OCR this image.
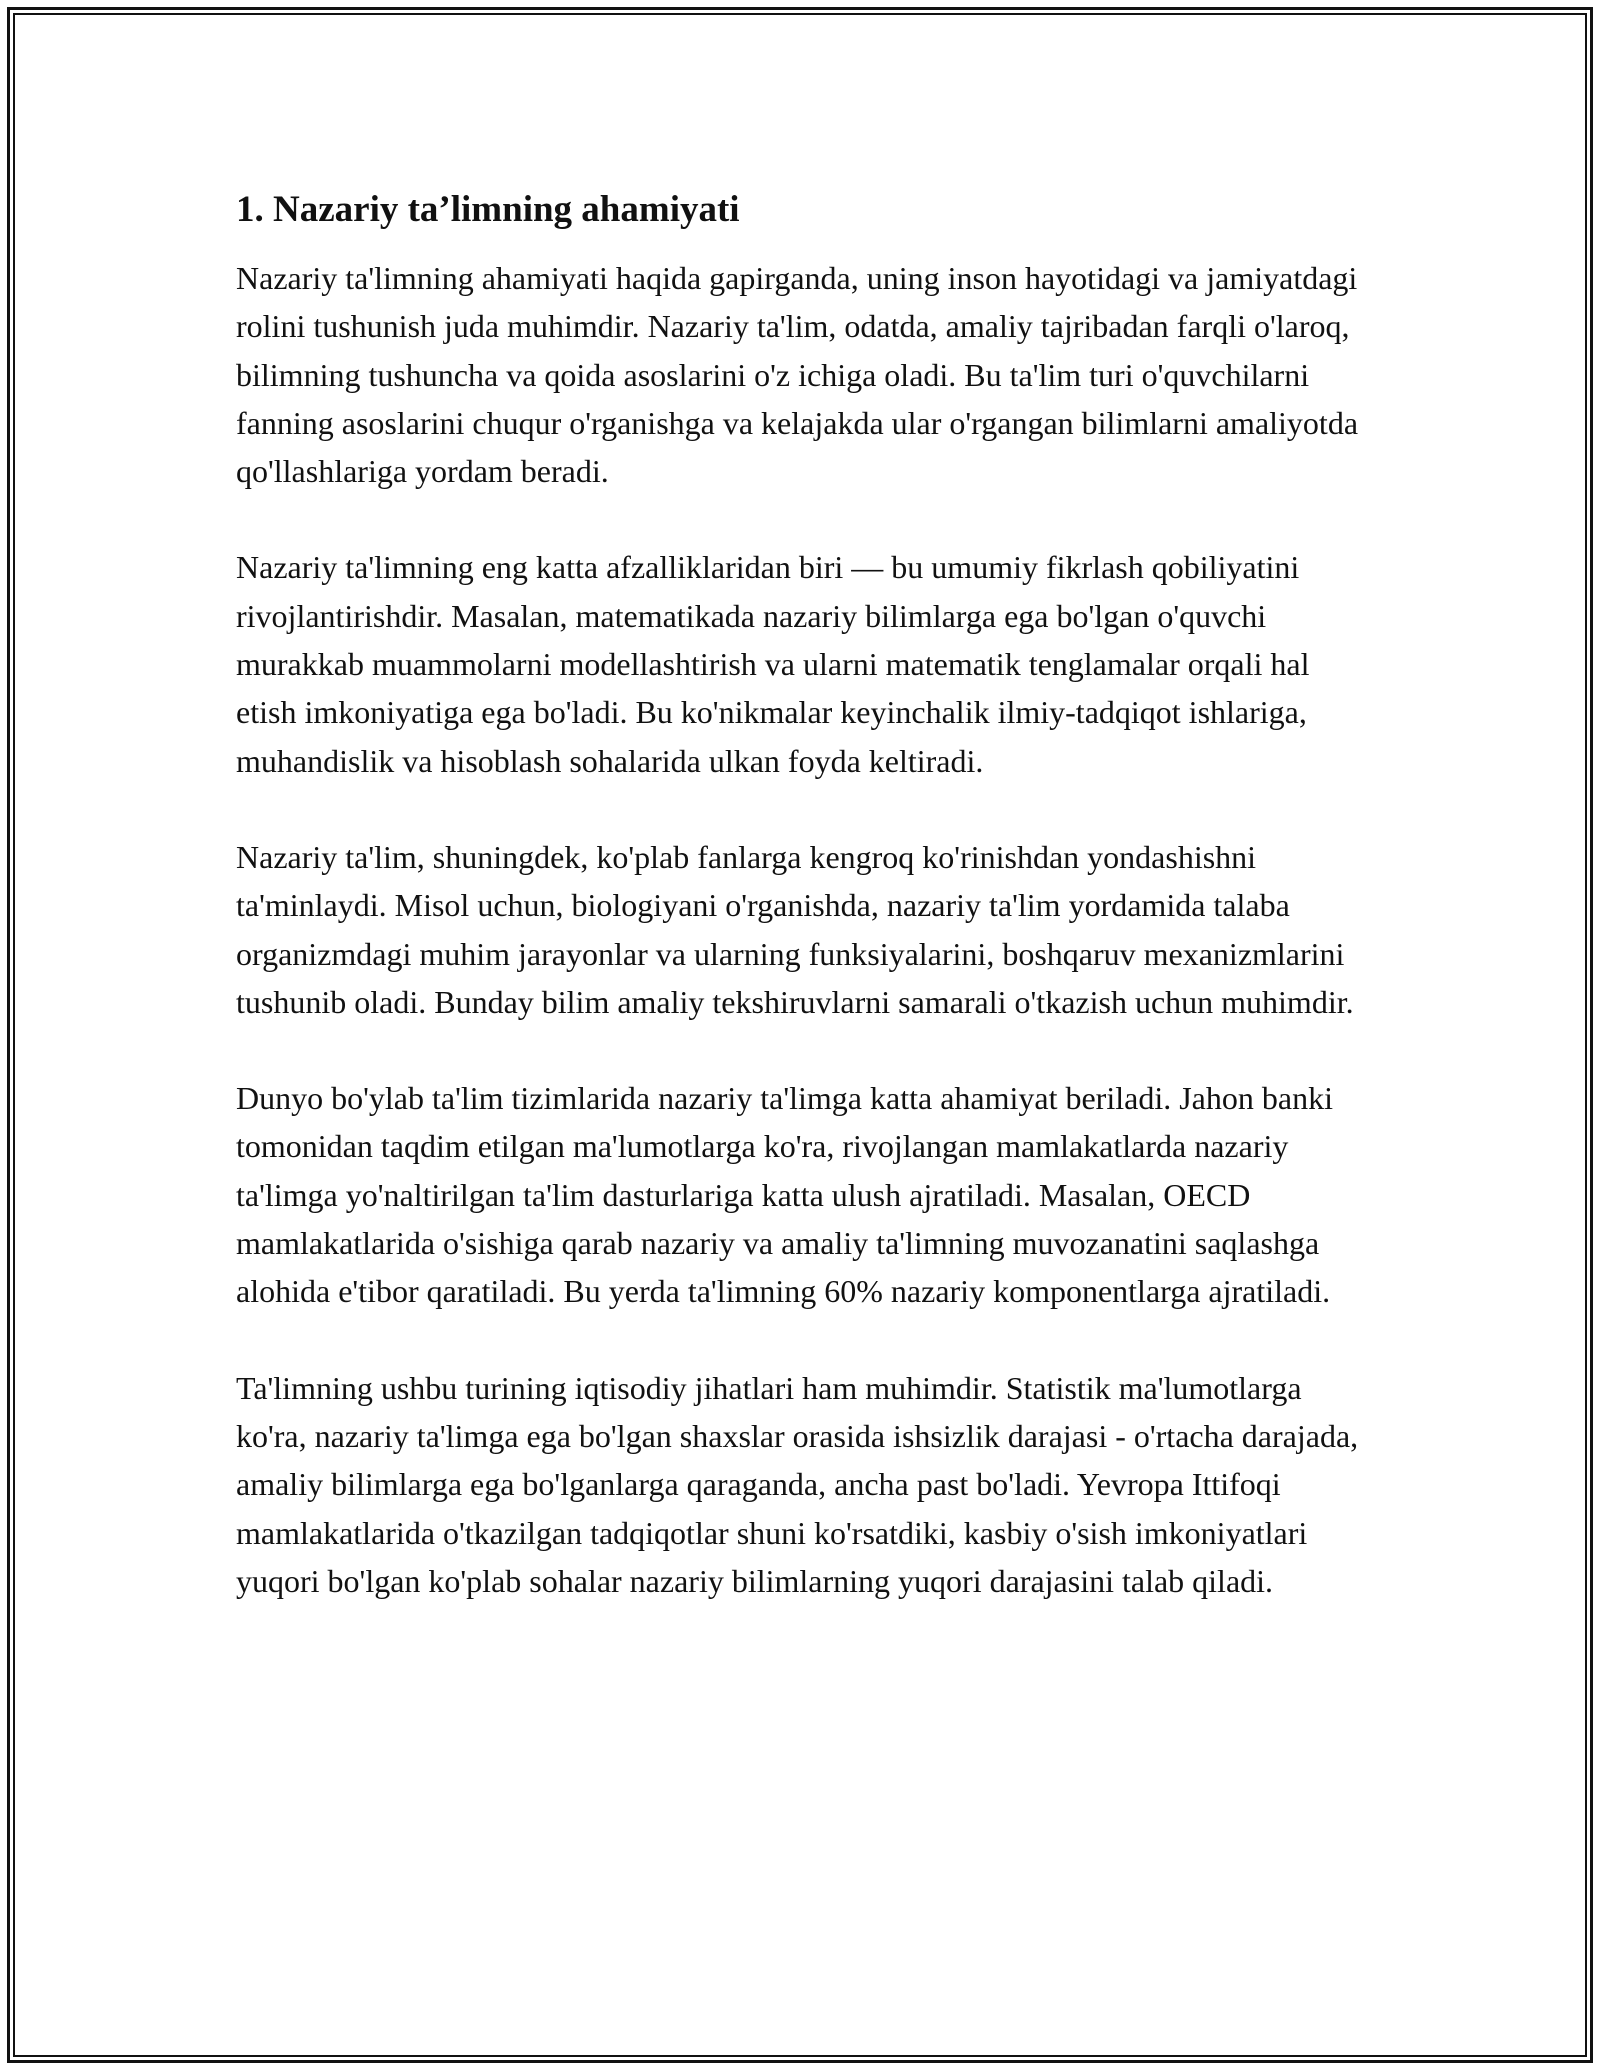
1. Nazariy ta’limning ahamiyati

Nazariy ta'limning ahamiyati haqida gapirganda, uning inson hayotidagi va jamiyatdagi rolini tushunish juda muhimdir. Nazariy ta'lim, odatda, amaliy tajribadan farqli o'laroq, bilimning tushuncha va qoida asoslarini o'z ichiga oladi. Bu ta'lim turi o'quvchilarni fanning asoslarini chuqur o'rganishga va kelajakda ular o'rgangan bilimlarni amaliyotda qo'llashlariga yordam beradi.

Nazariy ta'limning eng katta afzalliklaridan biri — bu umumiy fikrlash qobiliyatini rivojlantirishdir. Masalan, matematikada nazariy bilimlarga ega bo'lgan o'quvchi murakkab muammolarni modellashtirish va ularni matematik tenglamalar orqali hal etish imkoniyatiga ega bo'ladi. Bu ko'nikmalar keyinchalik ilmiy-tadqiqot ishlariga, muhandislik va hisoblash sohalarida ulkan foyda keltiradi.

Nazariy ta'lim, shuningdek, ko'plab fanlarga kengroq ko'rinishdan yondashishni ta'minlaydi. Misol uchun, biologiyani o'rganishda, nazariy ta'lim yordamida talaba organizmdagi muhim jarayonlar va ularning funksiyalarini, boshqaruv mexanizmlarini tushunib oladi. Bunday bilim amaliy tekshiruvlarni samarali o'tkazish uchun muhimdir.

Dunyo bo'ylab ta'lim tizimlarida nazariy ta'limga katta ahamiyat beriladi. Jahon banki tomonidan taqdim etilgan ma'lumotlarga ko'ra, rivojlangan mamlakatlarda nazariy ta'limga yo'naltirilgan ta'lim dasturlariga katta ulush ajratiladi. Masalan, OECD mamlakatlarida o'sishiga qarab nazariy va amaliy ta'limning muvozanatini saqlashga alohida e'tibor qaratiladi. Bu yerda ta'limning 60% nazariy komponentlarga ajratiladi.

Ta'limning ushbu turining iqtisodiy jihatlari ham muhimdir. Statistik ma'lumotlarga ko'ra, nazariy ta'limga ega bo'lgan shaxslar orasida ishsizlik darajasi - o'rtacha darajada, amaliy bilimlarga ega bo'lganlarga qaraganda, ancha past bo'ladi. Yevropa Ittifoqi mamlakatlarida o'tkazilgan tadqiqotlar shuni ko'rsatdiki, kasbiy o'sish imkoniyatlari yuqori bo'lgan ko'plab sohalar nazariy bilimlarning yuqori darajasini talab qiladi.
